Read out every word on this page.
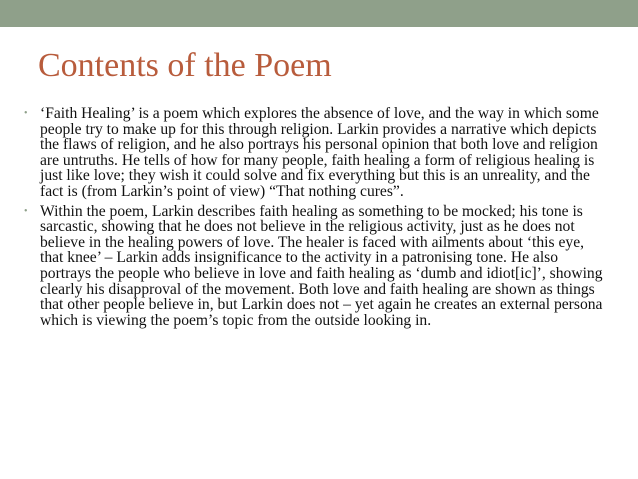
Contents of the Poem
• ‘Faith Healing’ is a poem which explores the absence of love, and the way in which some people try to make up for this through religion. Larkin provides a narrative which depicts the flaws of religion, and he also portrays his personal opinion that both love and religion are untruths. He tells of how for many people, faith healing a form of religious healing is just like love; they wish it could solve and fix everything but this is an unreality, and the fact is (from Larkin’s point of view) “That nothing cures”.
• Within the poem, Larkin describes faith healing as something to be mocked; his tone is sarcastic, showing that he does not believe in the religious activity, just as he does not believe in the healing powers of love. The healer is faced with ailments about ‘this eye, that knee’ – Larkin adds insignificance to the activity in a patronising tone. He also portrays the people who believe in love and faith healing as ‘dumb and idiot[ic]’, showing clearly his disapproval of the movement. Both love and faith healing are shown as things that other people believe in, but Larkin does not – yet again he creates an external persona which is viewing the poem’s topic from the outside looking in.
